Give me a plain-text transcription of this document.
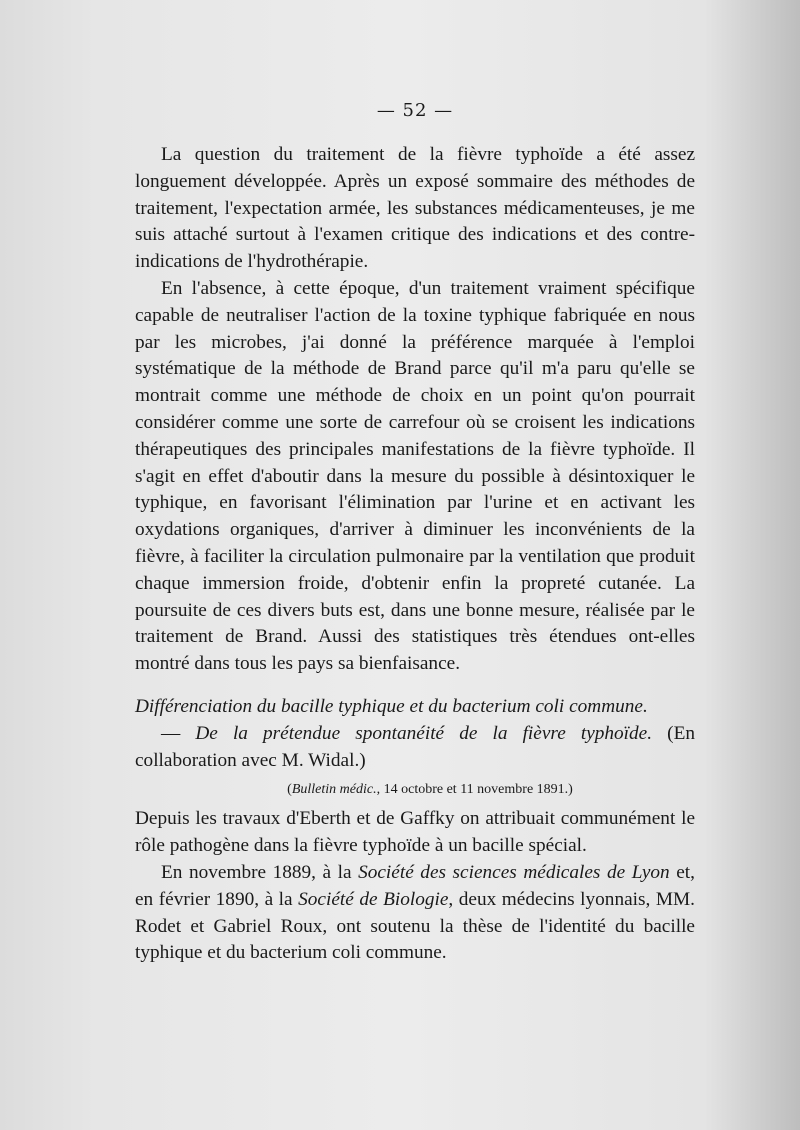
— 52 —

La question du traitement de la fièvre typhoïde a été assez longuement développée. Après un exposé sommaire des méthodes de traitement, l'expectation armée, les substances médicamenteuses, je me suis attaché surtout à l'examen critique des indications et des contre-indications de l'hydrothérapie.

En l'absence, à cette époque, d'un traitement vraiment spécifique capable de neutraliser l'action de la toxine typhique fabriquée en nous par les microbes, j'ai donné la préférence marquée à l'emploi systématique de la méthode de Brand parce qu'il m'a paru qu'elle se montrait comme une méthode de choix en un point qu'on pourrait considérer comme une sorte de carrefour où se croisent les indications thérapeutiques des principales manifestations de la fièvre typhoïde. Il s'agit en effet d'aboutir dans la mesure du possible à désintoxiquer le typhique, en favorisant l'élimination par l'urine et en activant les oxydations organiques, d'arriver à diminuer les inconvénients de la fièvre, à faciliter la circulation pulmonaire par la ventilation que produit chaque immersion froide, d'obtenir enfin la propreté cutanée. La poursuite de ces divers buts est, dans une bonne mesure, réalisée par le traitement de Brand. Aussi des statistiques très étendues ont-elles montré dans tous les pays sa bienfaisance.

Différenciation du bacille typhique et du bacterium coli commune.
— De la prétendue spontanéité de la fièvre typhoïde. (En collaboration avec M. Widal.)

(Bulletin médic., 14 octobre et 11 novembre 1891.)

Depuis les travaux d'Eberth et de Gaffky on attribuait communément le rôle pathogène dans la fièvre typhoïde à un bacille spécial.

En novembre 1889, à la Société des sciences médicales de Lyon et, en février 1890, à la Société de Biologie, deux médecins lyonnais, MM. Rodet et Gabriel Roux, ont soutenu la thèse de l'identité du bacille typhique et du bacterium coli commune.
